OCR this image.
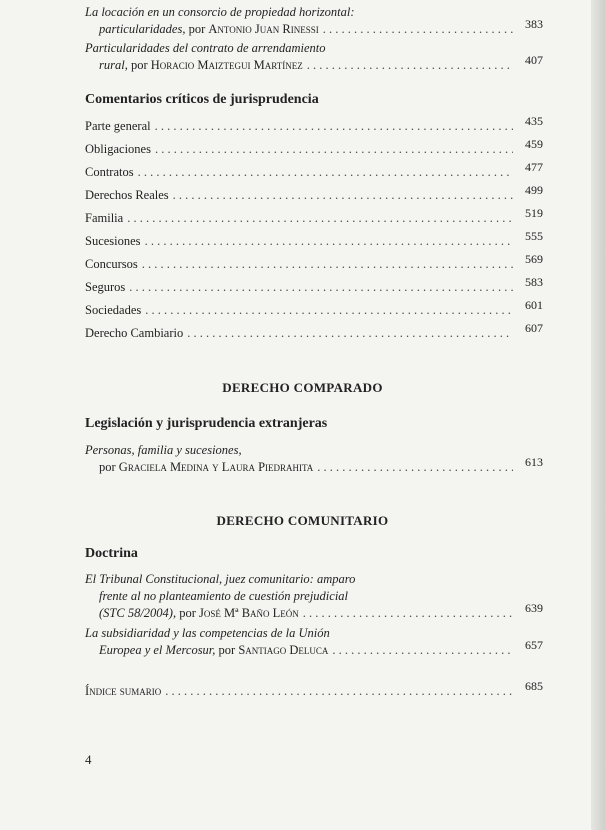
La locación en un consorcio de propiedad horizontal:
particularidades, por Antonio Juan Rinessi . . .	383
Particularidades del contrato de arrendamiento
rural, por Horacio Maiztegui Martínez . . .	407
Comentarios críticos de jurisprudencia
Parte general . . .	435
Obligaciones . . .	459
Contratos . . .	477
Derechos Reales . . .	499
Familia . . .	519
Sucesiones . . .	555
Concursos . . .	569
Seguros . . .	583
Sociedades . . .	601
Derecho Cambiario . . .	607
DERECHO COMPARADO
Legislación y jurisprudencia extranjeras
Personas, familia y sucesiones,
por Graciela Medina y Laura Piedrahita . . .	613
DERECHO COMUNITARIO
Doctrina
El Tribunal Constitucional, juez comunitario: amparo
frente al no planteamiento de cuestión prejudicial
(STC 58/2004), por José Mª Baño León . . .	639
La subsidiaridad y las competencias de la Unión
Europea y el Mercosur, por Santiago Deluca . . .	657
Índice sumario . . .	685
4
